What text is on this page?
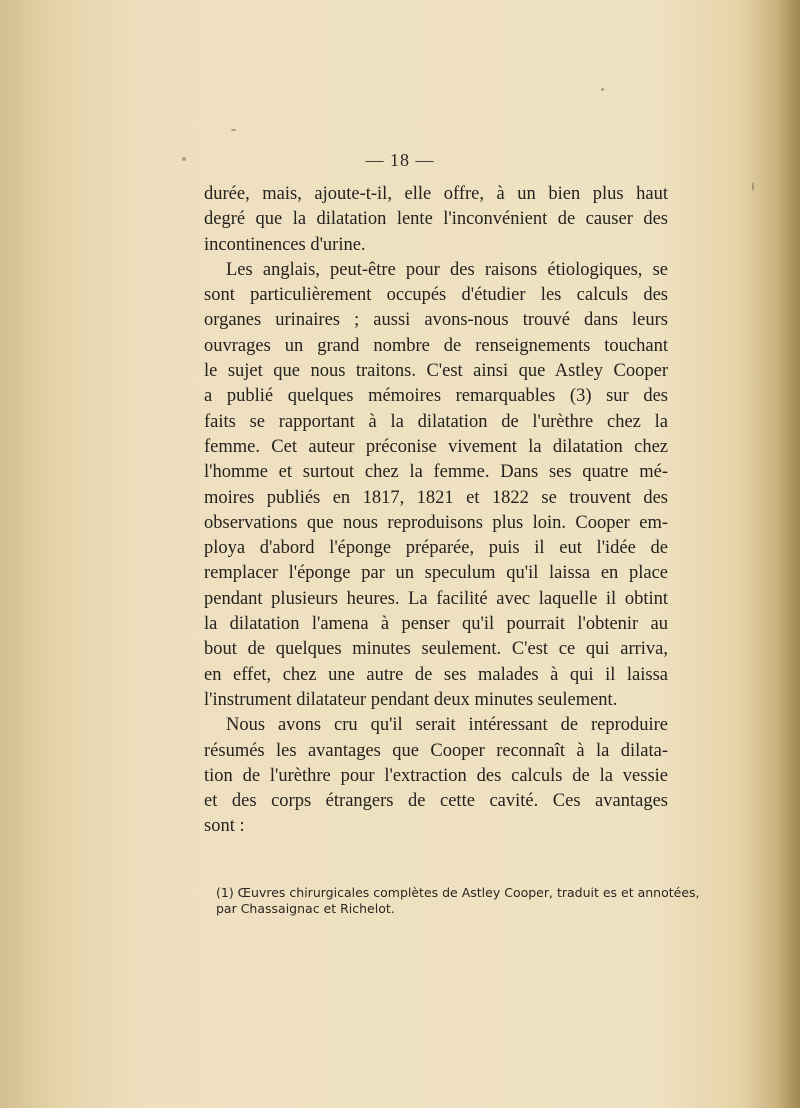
— 18 —
durée, mais, ajoute-t-il, elle offre, à un bien plus haut
degré que la dilatation lente l'inconvénient de causer des
incontinences d'urine.
Les anglais, peut-être pour des raisons étiologiques, se
sont particulièrement occupés d'étudier les calculs des
organes urinaires ; aussi avons-nous trouvé dans leurs
ouvrages un grand nombre de renseignements touchant
le sujet que nous traitons. C'est ainsi que Astley Cooper
a publié quelques mémoires remarquables (3) sur des
faits se rapportant à la dilatation de l'urèthre chez la
femme. Cet auteur préconise vivement la dilatation chez
l'homme et surtout chez la femme. Dans ses quatre mé-
moires publiés en 1817, 1821 et 1822 se trouvent des
observations que nous reproduisons plus loin. Cooper em-
ploya d'abord l'éponge préparée, puis il eut l'idée de
remplacer l'éponge par un speculum qu'il laissa en place
pendant plusieurs heures. La facilité avec laquelle il obtint
la dilatation l'amena à penser qu'il pourrait l'obtenir au
bout de quelques minutes seulement. C'est ce qui arriva,
en effet, chez une autre de ses malades à qui il laissa
l'instrument dilatateur pendant deux minutes seulement.
Nous avons cru qu'il serait intéressant de reproduire
résumés les avantages que Cooper reconnaît à la dilata-
tion de l'urèthre pour l'extraction des calculs de la vessie
et des corps étrangers de cette cavité. Ces avantages
sont :
(1) Œuvres chirurgicales complètes de Astley Cooper, traduit es et annotées,
par Chassaignac et Richelot.
